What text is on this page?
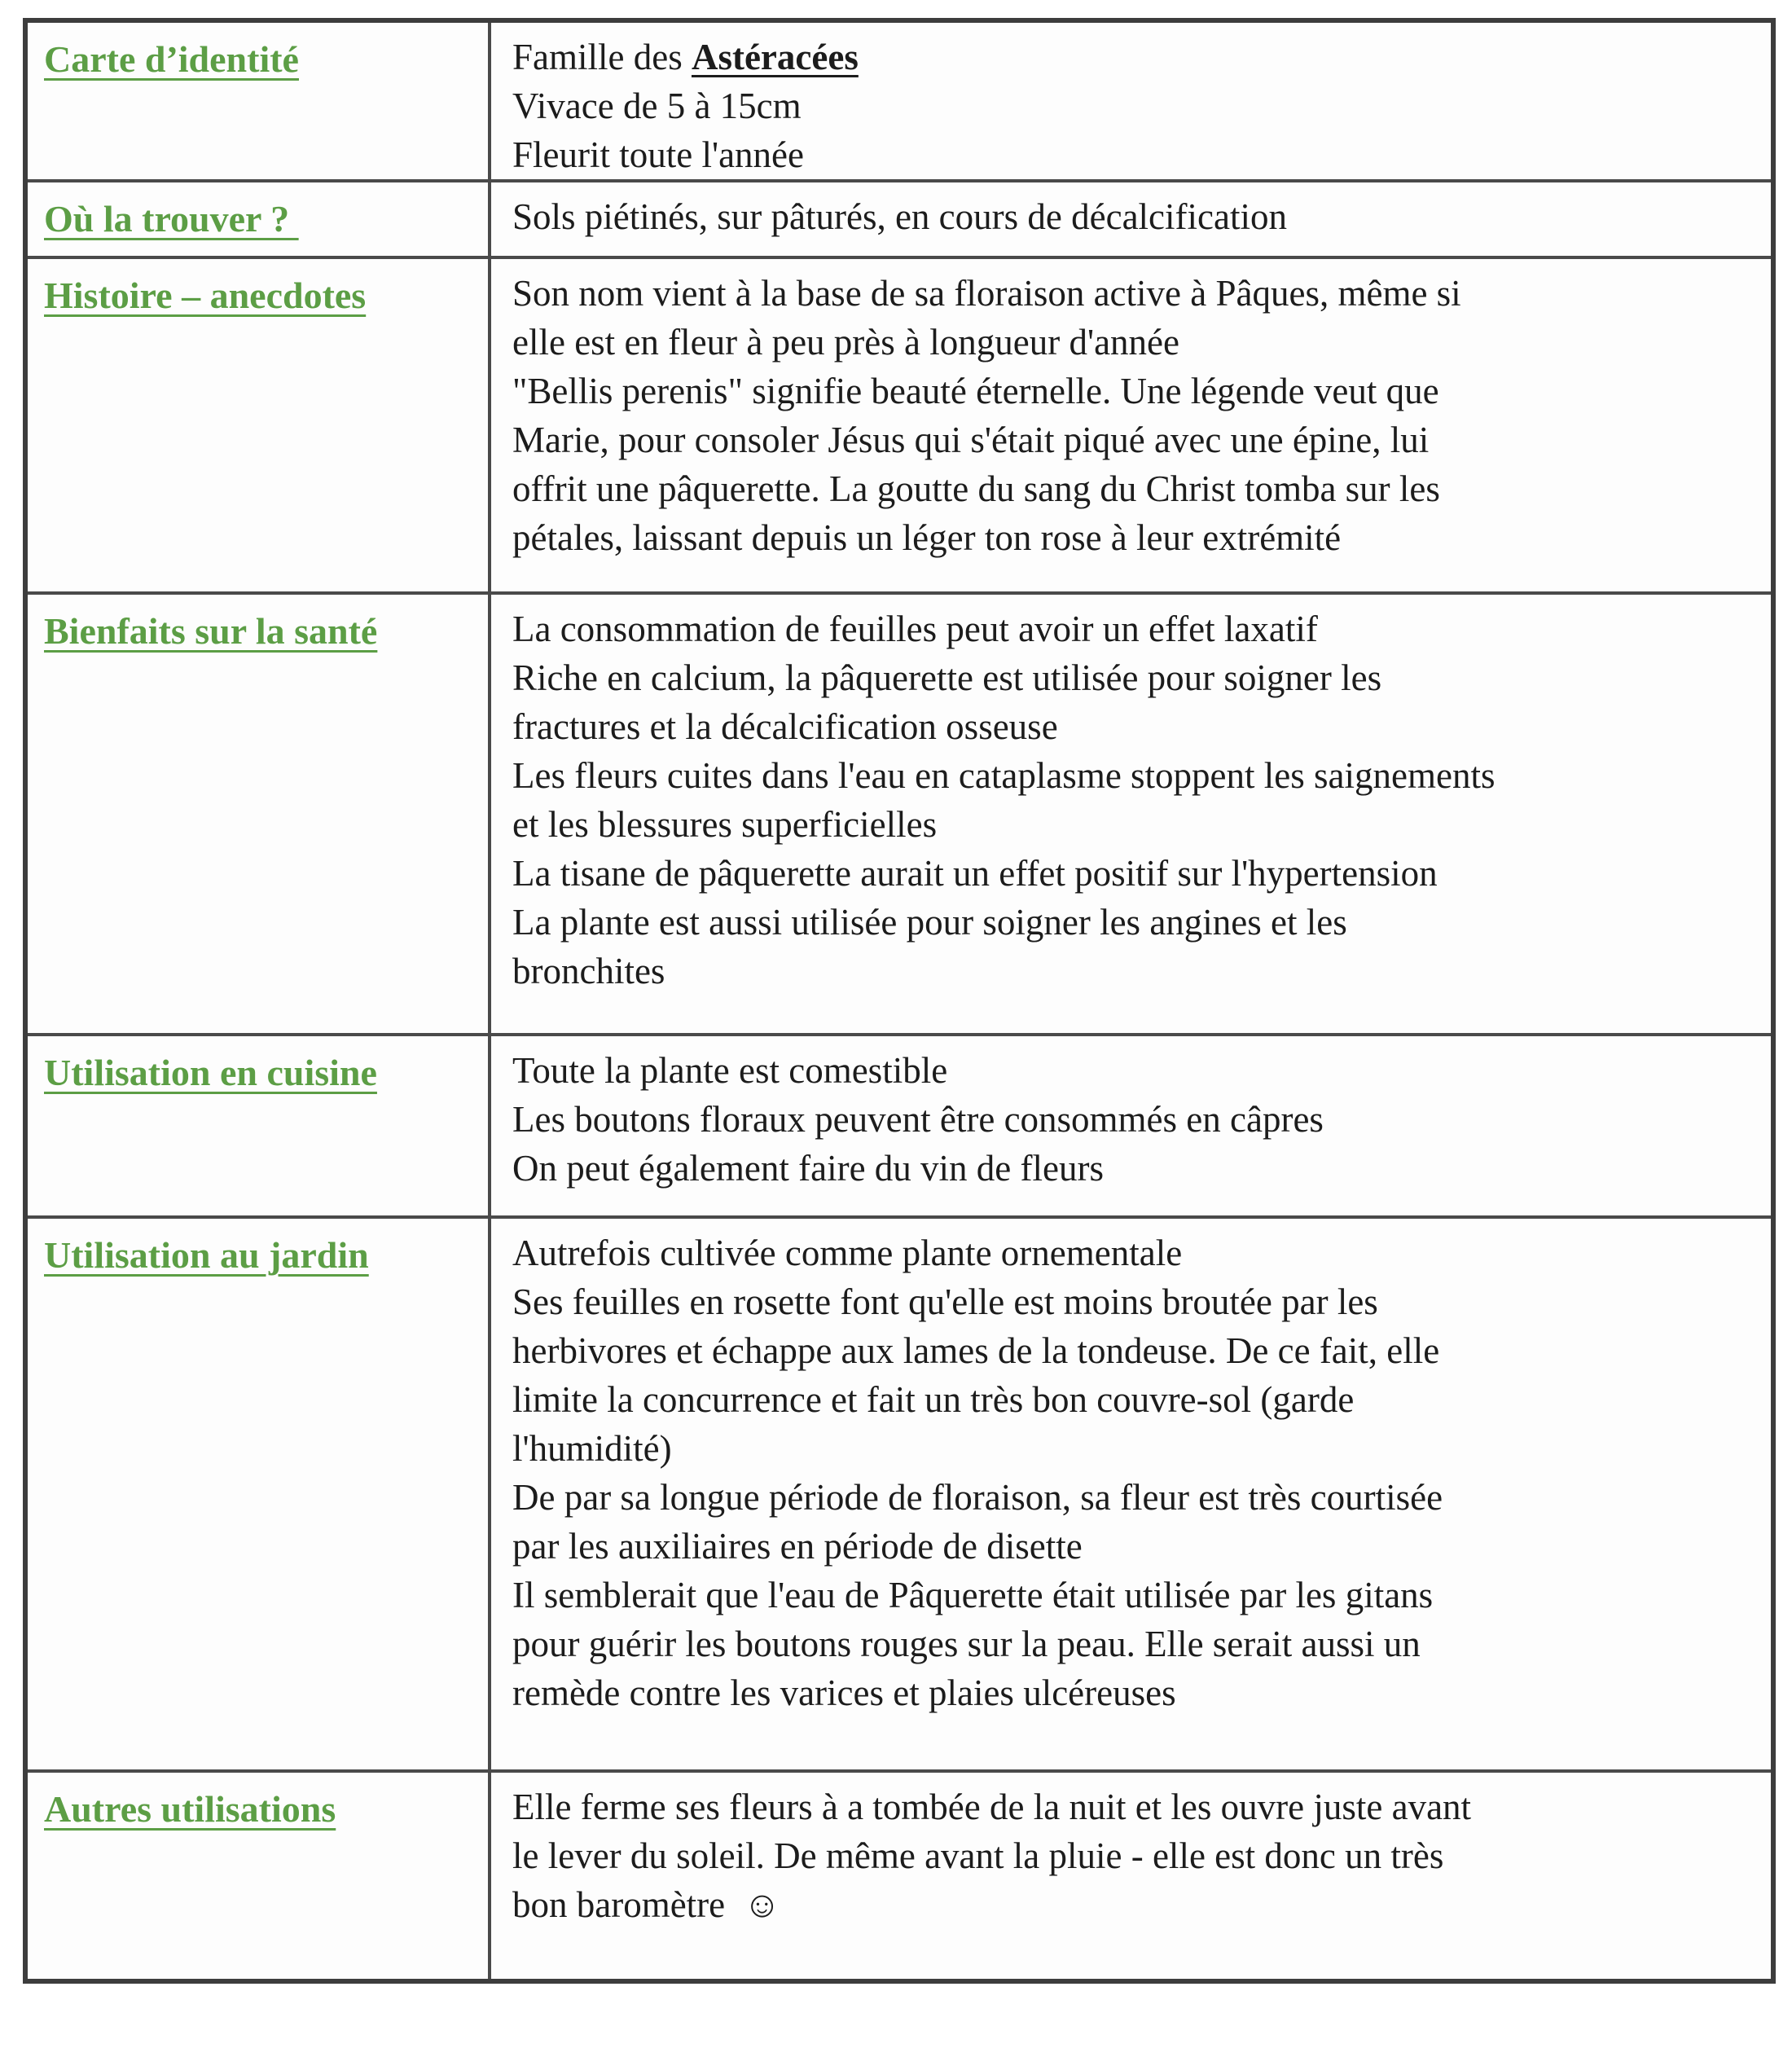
Carte d’identité	Famille des Astéracées
Vivace de 5 à 15cm
Fleurit toute l'année

Où la trouver ?	Sols piétinés, sur pâturés, en cours de décalcification

Histoire – anecdotes	Son nom vient à la base de sa floraison active à Pâques, même si
elle est en fleur à peu près à longueur d'année
"Bellis perenis" signifie beauté éternelle. Une légende veut que
Marie, pour consoler Jésus qui s'était piqué avec une épine, lui
offrit une pâquerette. La goutte du sang du Christ tomba sur les
pétales, laissant depuis un léger ton rose à leur extrémité

Bienfaits sur la santé	La consommation de feuilles peut avoir un effet laxatif
Riche en calcium, la pâquerette est utilisée pour soigner les
fractures et la décalcification osseuse
Les fleurs cuites dans l'eau en cataplasme stoppent les saignements
et les blessures superficielles
La tisane de pâquerette aurait un effet positif sur l'hypertension
La plante est aussi utilisée pour soigner les angines et les
bronchites

Utilisation en cuisine	Toute la plante est comestible
Les boutons floraux peuvent être consommés en câpres
On peut également faire du vin de fleurs

Utilisation au jardin	Autrefois cultivée comme plante ornementale
Ses feuilles en rosette font qu'elle est moins broutée par les
herbivores et échappe aux lames de la tondeuse. De ce fait, elle
limite la concurrence et fait un très bon couvre-sol (garde
l'humidité)
De par sa longue période de floraison, sa fleur est très courtisée
par les auxiliaires en période de disette
Il semblerait que l'eau de Pâquerette était utilisée par les gitans
pour guérir les boutons rouges sur la peau. Elle serait aussi un
remède contre les varices et plaies ulcéreuses

Autres utilisations	Elle ferme ses fleurs à a tombée de la nuit et les ouvre juste avant
le lever du soleil. De même avant la pluie - elle est donc un très
bon baromètre  ☺
